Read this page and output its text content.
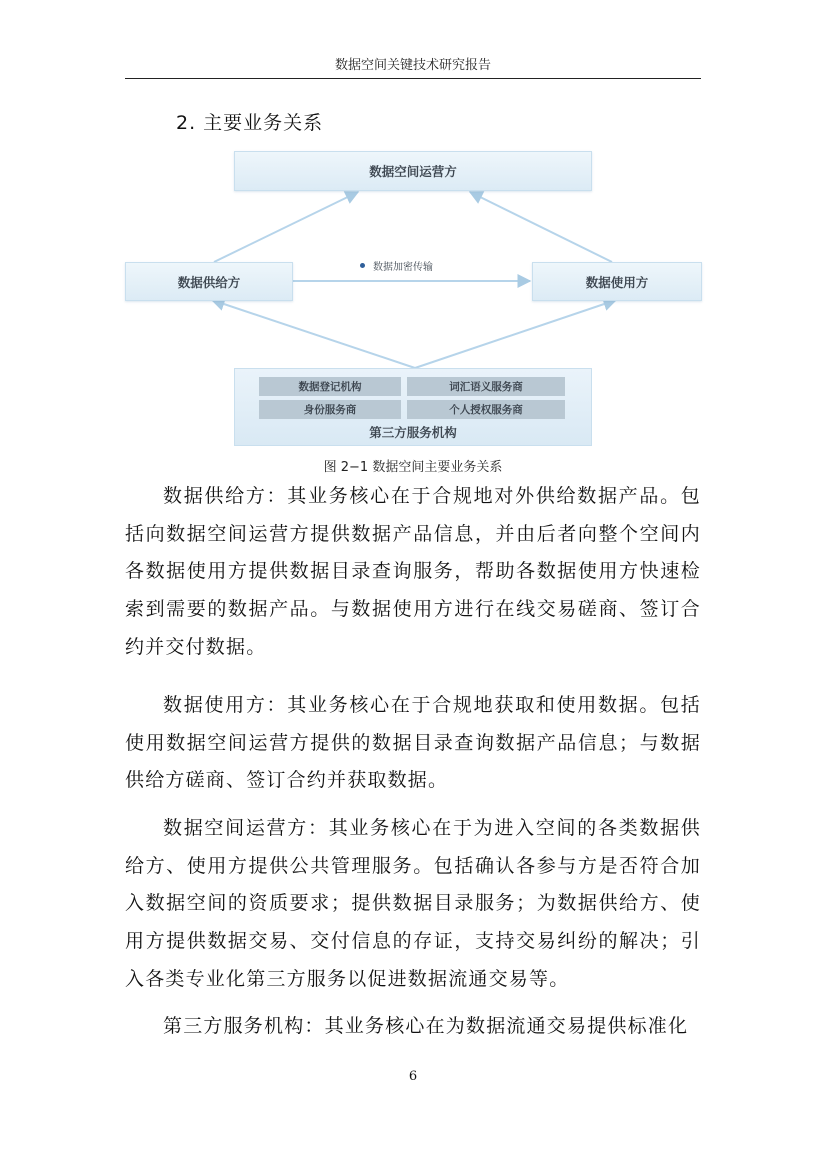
数据空间关键技术研究报告
2. 主要业务关系
数据空间运营方
数据供给方	数据使用方
数据加密传输
数据登记机构	词汇语义服务商
身份服务商	个人授权服务商
第三方服务机构
图 2−1 数据空间主要业务关系

数据供给方：其业务核心在于合规地对外供给数据产品。包括向数据空间运营方提供数据产品信息，并由后者向整个空间内各数据使用方提供数据目录查询服务，帮助各数据使用方快速检索到需要的数据产品。与数据使用方进行在线交易磋商、签订合约并交付数据。

数据使用方：其业务核心在于合规地获取和使用数据。包括使用数据空间运营方提供的数据目录查询数据产品信息；与数据供给方磋商、签订合约并获取数据。

数据空间运营方：其业务核心在于为进入空间的各类数据供给方、使用方提供公共管理服务。包括确认各参与方是否符合加入数据空间的资质要求；提供数据目录服务；为数据供给方、使用方提供数据交易、交付信息的存证，支持交易纠纷的解决；引入各类专业化第三方服务以促进数据流通交易等。

第三方服务机构：其业务核心在为数据流通交易提供标准化

6
